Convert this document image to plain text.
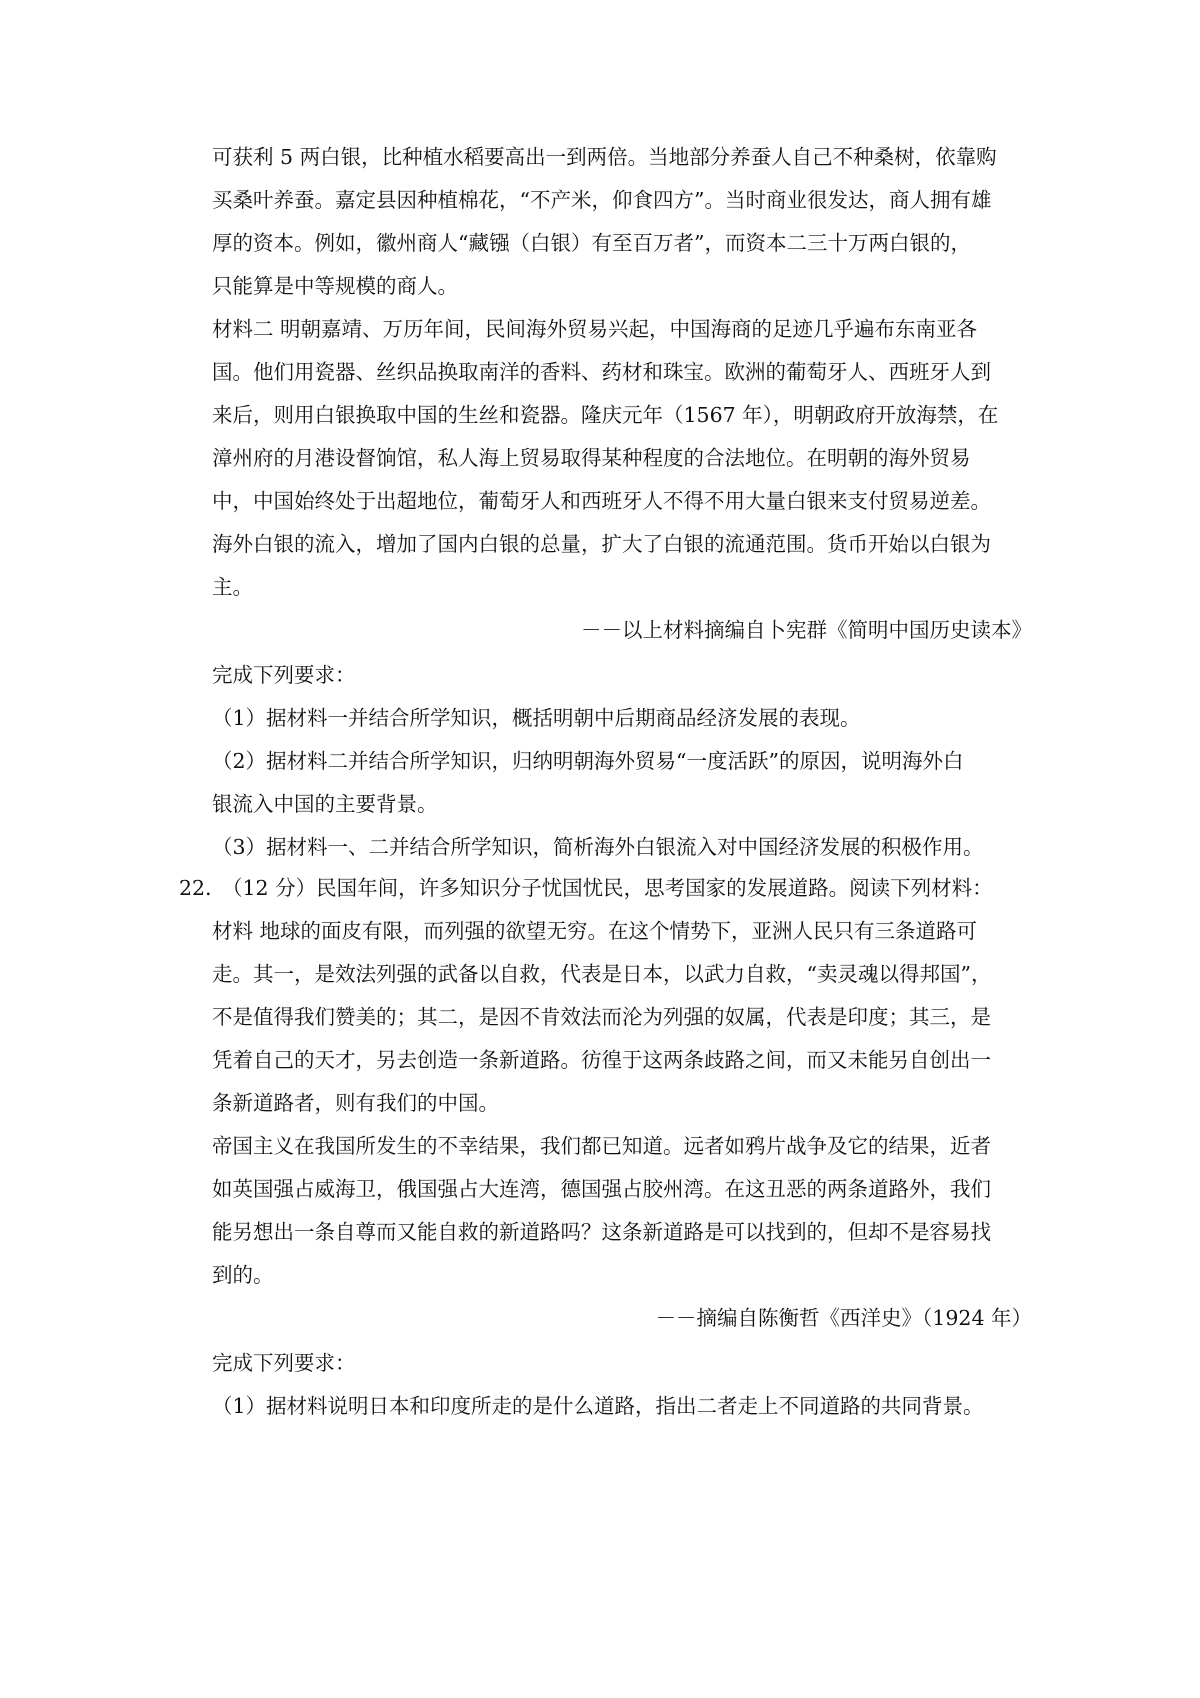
可获利 5 两白银，比种植水稻要高出一到两倍。当地部分养蚕人自己不种桑树，依靠购
买桑叶养蚕。嘉定县因种植棉花，“不产米，仰食四方”。当时商业很发达，商人拥有雄
厚的资本。例如，徽州商人“藏镪（白银）有至百万者”，而资本二三十万两白银的，
只能算是中等规模的商人。
材料二 明朝嘉靖、万历年间，民间海外贸易兴起，中国海商的足迹几乎遍布东南亚各
国。他们用瓷器、丝织品换取南洋的香料、药材和珠宝。欧洲的葡萄牙人、西班牙人到
来后，则用白银换取中国的生丝和瓷器。隆庆元年（1567 年），明朝政府开放海禁，在
漳州府的月港设督饷馆，私人海上贸易取得某种程度的合法地位。在明朝的海外贸易
中，中国始终处于出超地位，葡萄牙人和西班牙人不得不用大量白银来支付贸易逆差。
海外白银的流入，增加了国内白银的总量，扩大了白银的流通范围。货币开始以白银为
主。
－－以上材料摘编自卜宪群《简明中国历史读本》
完成下列要求：
（1）据材料一并结合所学知识，概括明朝中后期商品经济发展的表现。
（2）据材料二并结合所学知识，归纳明朝海外贸易“一度活跃”的原因，说明海外白
银流入中国的主要背景。
（3）据材料一、二并结合所学知识，简析海外白银流入对中国经济发展的积极作用。
22．
（12 分）民国年间，许多知识分子忧国忧民，思考国家的发展道路。阅读下列材料：
材料 地球的面皮有限，而列强的欲望无穷。在这个情势下，亚洲人民只有三条道路可
走。其一，是效法列强的武备以自救，代表是日本，以武力自救，“卖灵魂以得邦国”，
不是值得我们赞美的；其二，是因不肯效法而沦为列强的奴属，代表是印度；其三，是
凭着自己的天才，另去创造一条新道路。彷徨于这两条歧路之间，而又未能另自创出一
条新道路者，则有我们的中国。
帝国主义在我国所发生的不幸结果，我们都已知道。远者如鸦片战争及它的结果，近者
如英国强占威海卫，俄国强占大连湾，德国强占胶州湾。在这丑恶的两条道路外，我们
能另想出一条自尊而又能自救的新道路吗？这条新道路是可以找到的，但却不是容易找
到的。
－－摘编自陈衡哲《西洋史》（1924 年）
完成下列要求：
（1）据材料说明日本和印度所走的是什么道路，指出二者走上不同道路的共同背景。
